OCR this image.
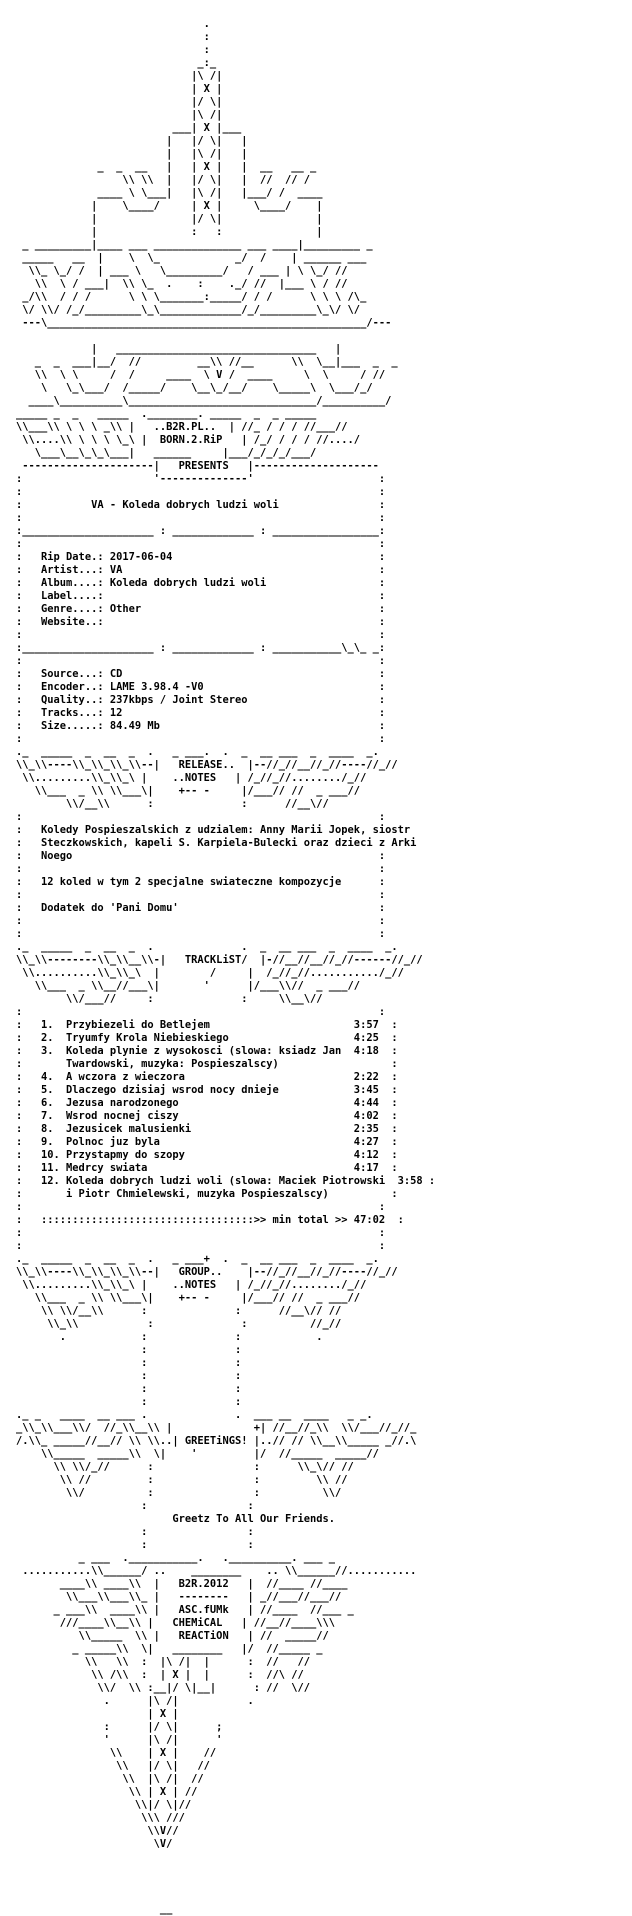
.
:
:
_:_
|\ /|
| X |
|/ \|
|\ /|
___| X |___
|   |/ \|   |
|   |\ /|   |
_  _  __   |   | X |   |  __   __ _
\\ \\  |   |/ \|   |  //  // /
____ \ \___|   |\ /|   |___/ /  ____
|    \____/     | X |     \____/    |
|               |/ \|               |
|               :   :               |
_ _________|____ ___ ______________ ___ ____|_________ _
_____   __  |    \  \_            _/  /    | ______ ___
\\_ \_/ /  | ___ \   \_________/   / ___ | \ \_/ //
\\  \ / ___|  \\ \_  .    :    ._/ //  |___ \ / //
_/\\  / / /      \ \ \_______:_____/ / /      \ \ \ /\_
\/ \\/ /_/_________\_\_____________/_/_________\_\/ \/
---\___________________________________________________/---

|   ________________________________   |
_  _  ___|__/  //         __\\ //__      \\  \__|___  _  _
\\  \ \     /  /     ____  \ V /  ____     \  \     / //
\   \_\___/  /_____/    \__\_/__/    \_____\  \___/_/
____\__________\______________________________/__________/
_____ _  _   _____  .________. _____  _  _ _____
\\___\\ \ \ \ _\\ |   ..B2R.PL..  | //_ / / / //___//
\\....\\ \ \ \ \_\ |  BORN.2.RiP   | /_/ / / / //..../
\___\__\_\_\___|   ______     |___/_/_/_/___/
---------------------|   PRESENTS   |--------------------
:                     '--------------'                    :
:                                                         :
:           VA - Koleda dobrych ludzi woli                :
:                                                         :
:_____________________ : _____________ : _________________:
:                                                         :
:   Rip Date.: 2017-06-04                                 :
:   Artist...: VA                                         :
:   Album....: Koleda dobrych ludzi woli                  :
:   Label....:                                            :
:   Genre....: Other                                      :
:   Website..:                                            :
:                                                         :
:_____________________ : _____________ : ___________\_\_ _:
:                                                         :
:   Source...: CD                                         :
:   Encoder..: LAME 3.98.4 -V0                            :
:   Quality..: 237kbps / Joint Stereo                     :
:   Tracks...: 12                                         :
:   Size.....: 84.49 Mb                                   :
:                                                         :
._  _____  _  __  _  .   _ ___.  .  _  __ ___  _  ____  _.
\\_\\----\\_\\_\\_\\--|   RELEASE..  |--//_//__//_//----//_//
\\.........\\_\\_\ |    ..NOTES   | /_//_//......../_//
\\___  _ \\ \\___\|    +-- -     |/___// //  _ ___//
\\/__\\      :              :      //__\//
:                                                         :
:   Koledy Pospieszalskich z udzialem: Anny Marii Jopek, siostr
:   Steczkowskich, kapeli S. Karpiela-Bulecki oraz dzieci z Arki
:   Noego                                                 :
:                                                         :
:   12 koled w tym 2 specjalne swiateczne kompozycje      :
:                                                         :
:   Dodatek do 'Pani Domu'                                :
:                                                         :
:                                                         :
._  _____  _  __  _  .              .  _  __ ___  _  ____  _.
\\_\\--------\\_\\__\\-|   TRACKLiST/  |-//__//__//_//------//_//
\\..........\\_\\_\  |        /     |  /_//_//.........../_//
\\___  _ \\__//___\|       '      |/___\\//  _ ___//
\\/___//     :              :     \\__\//
:                                                         :
:   1.  Przybiezeli do Betlejem                       3:57  :
:   2.  Tryumfy Krola Niebieskiego                    4:25  :
:   3.  Koleda plynie z wysokosci (slowa: ksiadz Jan  4:18  :
:       Twardowski, muzyka: Pospieszalscy)                  :
:   4.  A wczora z wieczora                           2:22  :
:   5.  Dlaczego dzisiaj wsrod nocy dnieje            3:45  :
:   6.  Jezusa narodzonego                            4:44  :
:   7.  Wsrod nocnej ciszy                            4:02  :
:   8.  Jezusicek malusienki                          2:35  :
:   9.  Polnoc juz byla                               4:27  :
:   10. Przystapmy do szopy                           4:12  :
:   11. Medrcy swiata                                 4:17  :
:   12. Koleda dobrych ludzi woli (slowa: Maciek Piotrowski  3:58 :
:       i Piotr Chmielewski, muzyka Pospieszalscy)          :
:                                                         :
:   ::::::::::::::::::::::::::::::::::>> min total >> 47:02  :
:                                                         :
:                                                         :
._  _____  _  __  _  .   _ ___+  .  _  __ ___  _  ____  _.
\\_\\----\\_\\_\\_\\--|   GROUP..    |--//_//__//_//----//_//
\\.........\\_\\_\ |    ..NOTES   | /_//_//......../_//
\\___  _ \\ \\___\|    +-- -     |/___// //  _ ___//
\\ \\/__\\      :              :      //__\// //
\\_\\           :              :          //_//
.            :              :            .
:              :
:              :
:              :
:              :
:              :
._ _   ____  __ ___ .              .  ___ __  ____   _ _.
_\\_\\___\\/  //_\\__\\ |             +| //__//_\\  \\/___//_//_
/.\\_ _____//__// \\ \\..| GREETiNGS! |..// // \\__\\_____ _//.\
\\_____  _____\\  \|    '         |/  //_____  _____//
\\ \\/_//      :                :      \\_\// //
\\ //         :                :         \\ //
\\/          :                :          \\/
:                :
Greetz To All Our Friends.
:                :
:                :
_ ___  .___________.   .__________. ___ _
...........\\______/ ..    ________    .. \\______//...........
____\\ ____\\  |   B2R.2012   |  //____ //____
\\___\\___\\_ |   --------   | _//___//___//
_ ___\\  ____\\ |   ASC.fUMk   | //____  //___ _
///____\\__\\ |   CHEMiCAL   | //__//____\\\
\\_____  \\ |   REACTiON   | //  _____//
_ _____\\  \|   ________   |/  //_____ _
\\   \\  :  |\ /|  |      :  //   //
\\ /\\  :  | X |  |      :  //\ //
\\/  \\ :__|/ \|__|      : //  \//
.      |\ /|           .
| X |
:      |/ \|      ;
'      |\ /|      '
\\    | X |    //
\\   |/ \|   //
\\  |\ /|  //
\\ | X | //
\\|/ \|//
\\\ ///
\\V//
\V/

__
